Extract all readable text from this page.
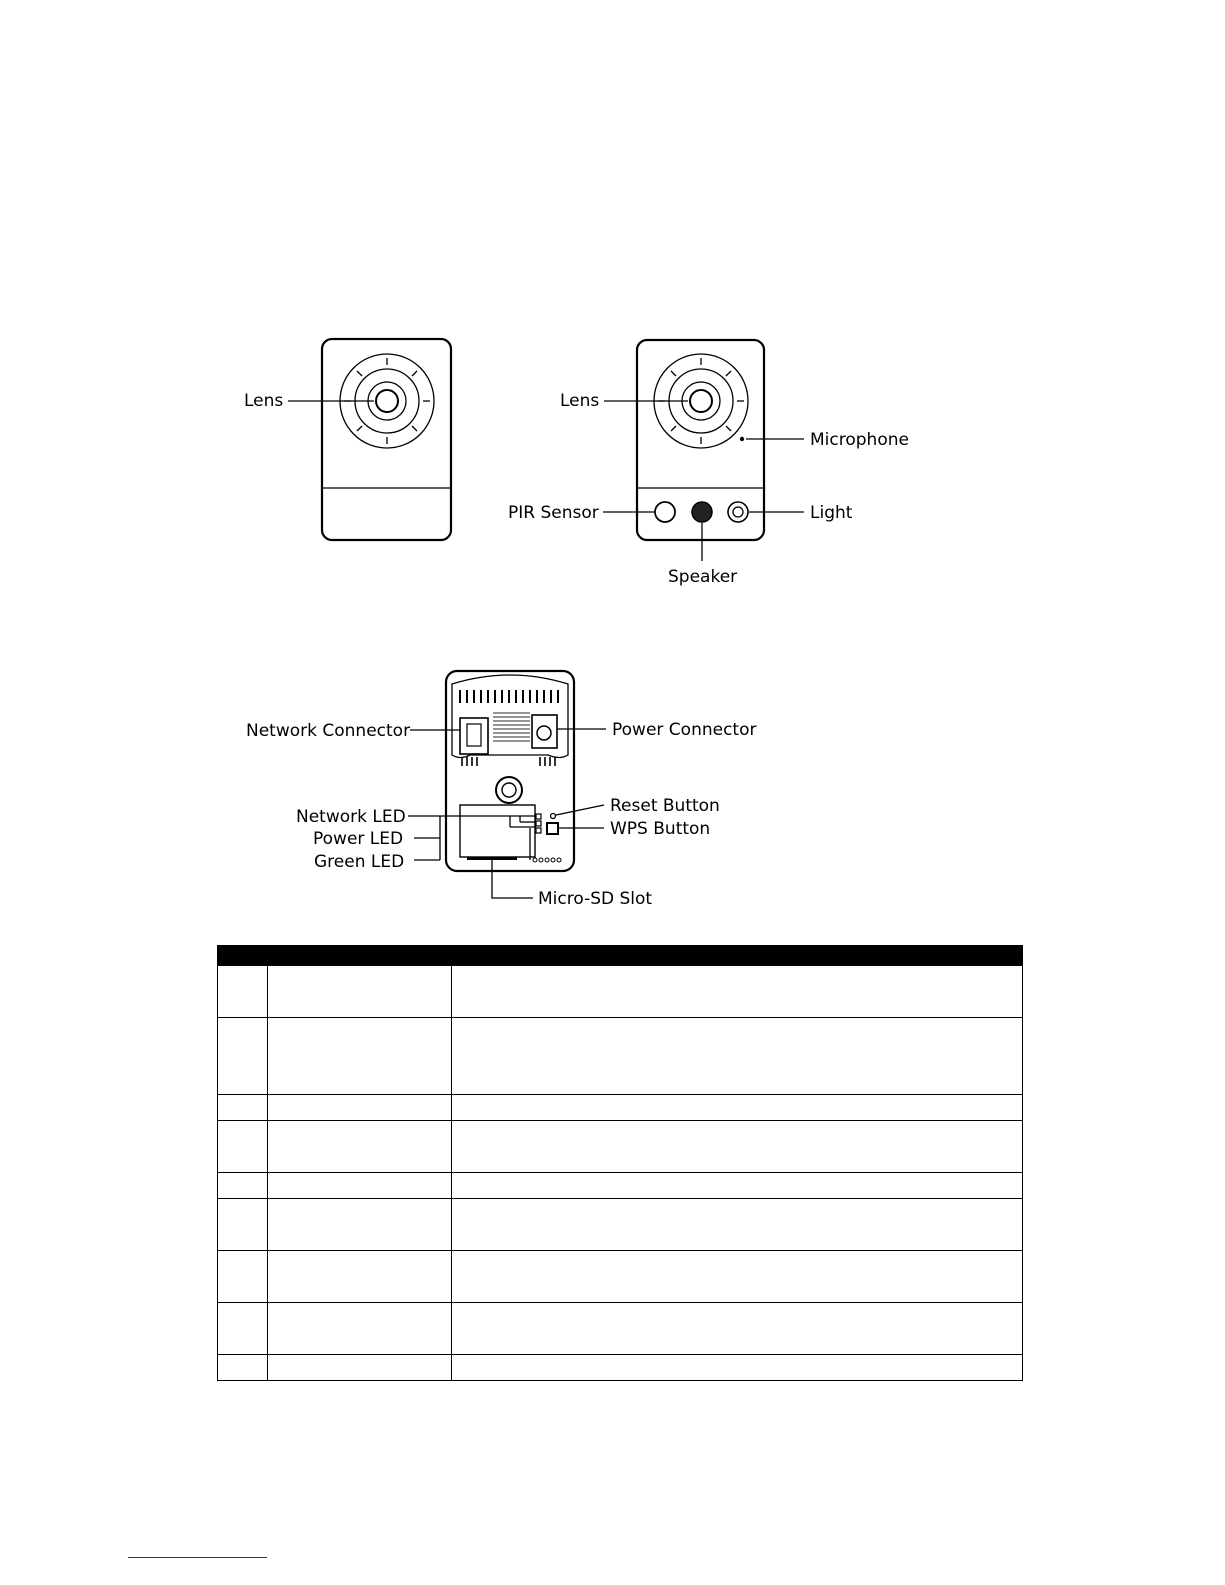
Lens	Lens
Microphone
PIR Sensor	Light
Speaker
Network Connector	Power Connector
Reset Button
WPS Button
Network LED
Power LED
Green LED
Micro-SD Slot
